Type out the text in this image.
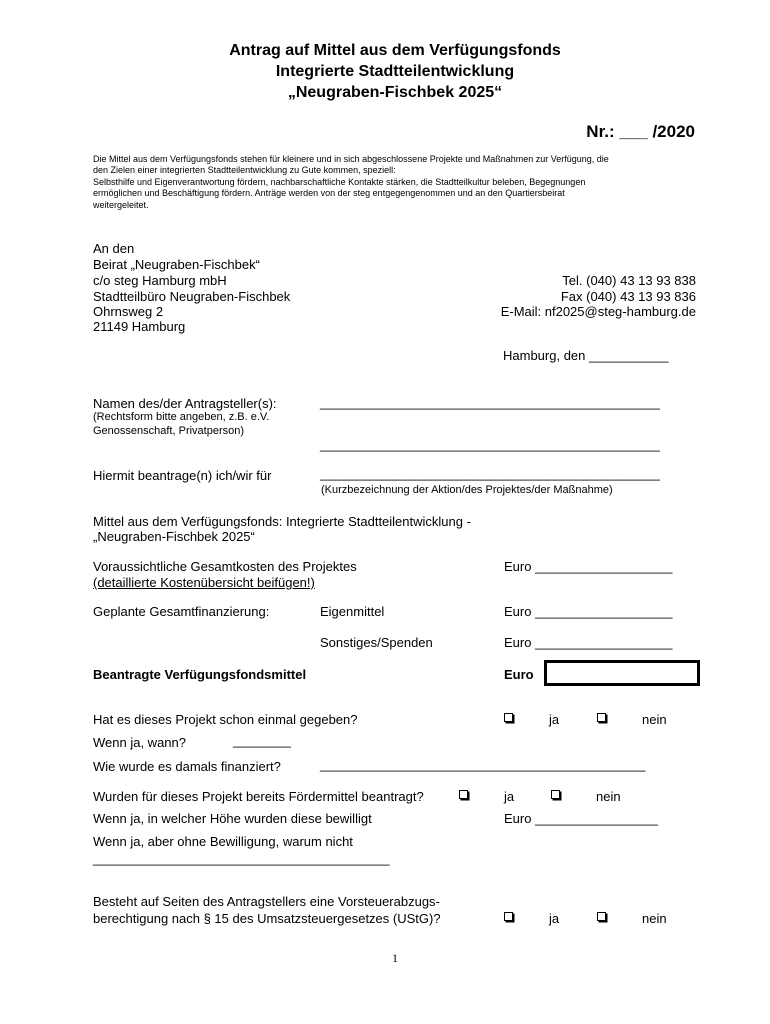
Antrag auf Mittel aus dem Verfügungsfonds
Integrierte Stadtteilentwicklung
„Neugraben-Fischbek 2025“
Nr.: ___ /2020
Die Mittel aus dem Verfügungsfonds stehen für kleinere und in sich abgeschlossene Projekte und Maßnahmen zur Verfügung, die
den Zielen einer integrierten Stadtteilentwicklung zu Gute kommen, speziell:
Selbsthilfe und Eigenverantwortung fördern, nachbarschaftliche Kontakte stärken, die Stadtteilkultur beleben, Begegnungen
ermöglichen und Beschäftigung fördern. Anträge werden von der steg entgegengenommen und an den Quartiersbeirat
weitergeleitet.
An den
Beirat „Neugraben-Fischbek“
c/o steg Hamburg mbH
Stadtteilbüro Neugraben-Fischbek
Ohrnsweg 2
21149 Hamburg
Tel. (040) 43 13 93 838
Fax (040) 43 13 93 836
E-Mail: nf2025@steg-hamburg.de
Hamburg, den ___________
Namen des/der Antragsteller(s):
(Rechtsform bitte angeben, z.B. e.V.
Genossenschaft, Privatperson)
_______________________________________________
_______________________________________________
Hiermit beantrage(n) ich/wir für	_______________________________________________
(Kurzbezeichnung der Aktion/des Projektes/der Maßnahme)
Mittel aus dem Verfügungsfonds: Integrierte Stadtteilentwicklung -
„Neugraben-Fischbek 2025“
Voraussichtliche Gesamtkosten des Projektes
(detaillierte Kostenübersicht beifügen!)
Euro ___________________
Geplante Gesamtfinanzierung:	Eigenmittel	Euro ___________________
Sonstiges/Spenden	Euro ___________________
Beantragte Verfügungsfondsmittel	Euro
Hat es dieses Projekt schon einmal gegeben?	ja	nein
Wenn ja, wann?	________
Wie wurde es damals finanziert?	_____________________________________________
Wurden für dieses Projekt bereits Fördermittel beantragt?	ja	nein
Wenn ja, in welcher Höhe wurden diese bewilligt	Euro _________________
Wenn ja, aber ohne Bewilligung, warum nicht
_________________________________________
Besteht auf Seiten des Antragstellers eine Vorsteuerabzugs-
berechtigung nach § 15 des Umsatzsteuergesetzes (UStG)?	ja	nein
1
